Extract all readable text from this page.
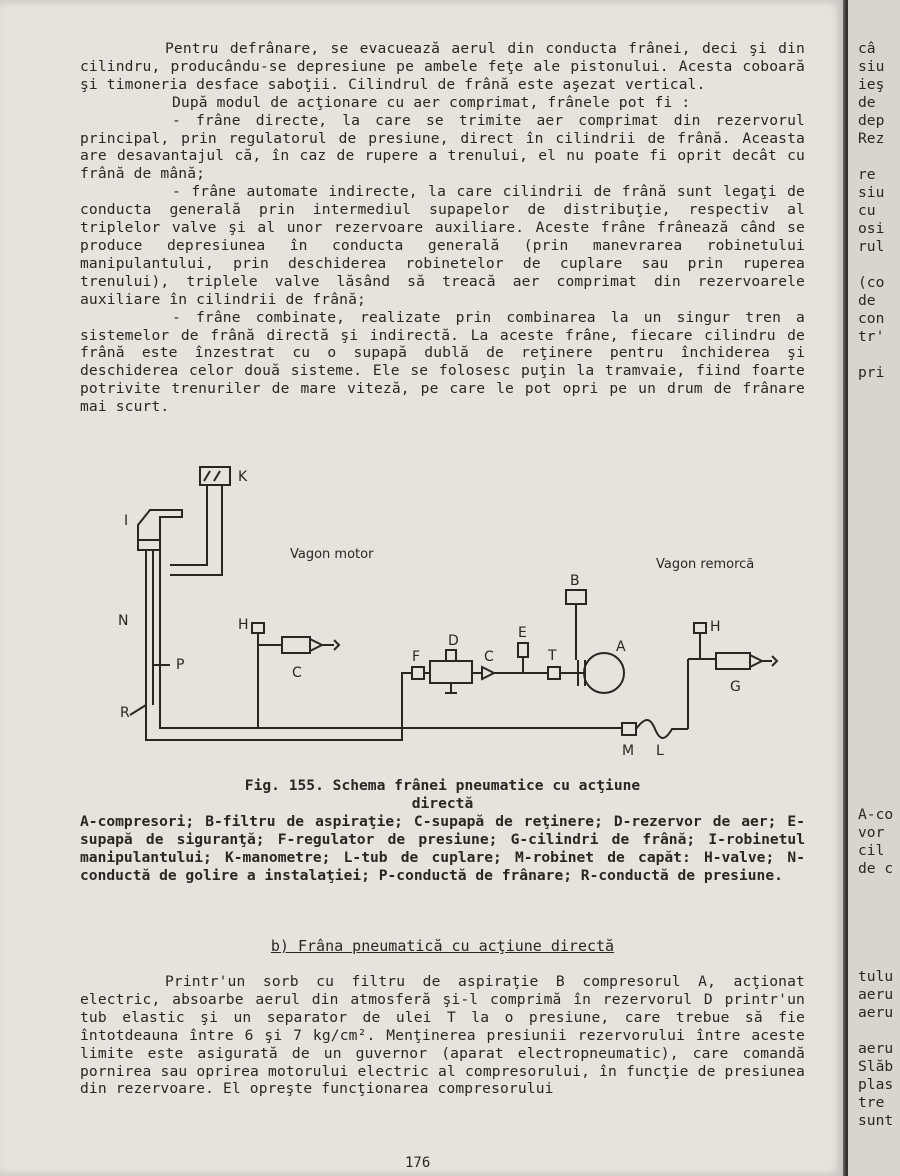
Pentru defrânare, se evacuează aerul din conducta frânei, deci şi din cilindru, producându-se depresiune pe ambele feţe ale pistonului. Acesta coboară şi timoneria desface saboţii. Cilindrul de frână este aşezat vertical.

După modul de acţionare cu aer comprimat, frânele pot fi :

- frâne directe, la care se trimite aer comprimat din rezervorul principal, prin regulatorul de presiune, direct în cilindrii de frână. Aceasta are desavantajul că, în caz de rupere a trenului, el nu poate fi oprit decât cu frână de mână;

- frâne automate indirecte, la care cilindrii de frână sunt legaţi de conducta generală prin intermediul supapelor de distribuţie, respectiv al triplelor valve şi al unor rezervoare auxiliare. Aceste frâne frânează când se produce depresiunea în conducta generală (prin manevrarea robinetului manipulantului, prin deschiderea robinetelor de cuplare sau prin ruperea trenului), triplele valve lăsând să treacă aer comprimat din rezervoarele auxiliare în cilindrii de frână;

- frâne combinate, realizate prin combinarea la un singur tren a sistemelor de frână directă şi indirectă. La aceste frâne, fiecare cilindru de frână este înzestrat cu o supapă dublă de reţinere pentru închiderea şi deschiderea celor două sisteme. Ele se folosesc puţin la tramvaie, fiind foarte potrivite trenuriler de mare viteză, pe care le pot opri pe un drum de frânare mai scurt.

K
I
N
P
R
H
C
F
D
C
E
T
A
B
H
G
M L
Vagon motor
Vagon remorcă
Fig. 155. Schema frânei pneumatice cu acţiune
directă
A-compresori; B-filtru de aspiraţie; C-supapă de reţinere; D-rezervor de aer; E-supapă de siguranţă; F-regulator de presiune; G-cilindri de frână; I-robinetul manipulantului; K-manometre; L-tub de cuplare; M-robinet de capăt: H-valve; N-conductă de golire a instalaţiei; P-conductă de frânare; R-conductă de presiune.
b) Frâna pneumatică cu acţiune directă

Printr'un sorb cu filtru de aspiraţie B compresorul A, acţionat electric, absoarbe aerul din atmosferă şi-l comprimă în rezervorul D printr'un tub elastic şi un separator de ulei T la o presiune, care trebue să fie întotdeauna între 6 şi 7 kg/cm². Menţinerea presiunii rezervorului între aceste limite este asigurată de un guvernor (aparat electropneumatic), care comandă pornirea sau oprirea motorului electric al compresorului, în funcţie de presiunea din rezervoare. El opreşte funcţionarea compresorului

176
câ
siu
ieş
de
dep
Rez
re
siu
cu
osi
rul
(co
de
con
tr'
pri
A-co
vor
cil
de c
tulu
aeru
aeru
aeru
Slăb
plas
tre
sunt
